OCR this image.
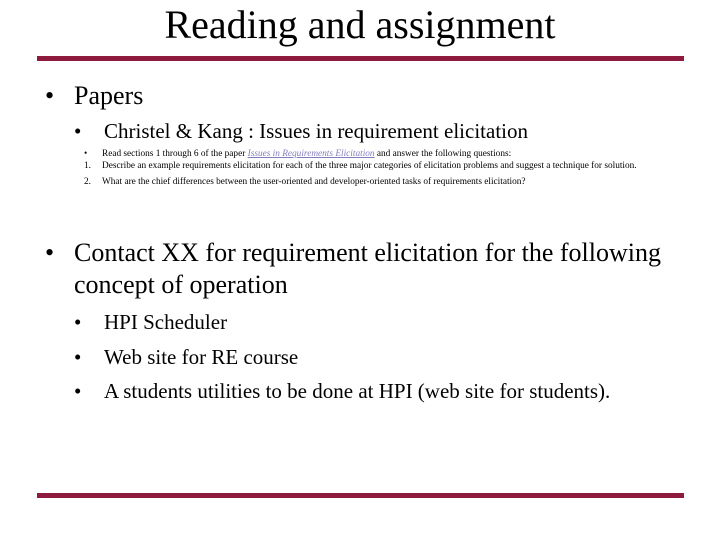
Reading and assignment
• Papers
•	Christel & Kang : Issues in requirement elicitation
•	Read sections 1 through 6 of the paper Issues in Requirements Elicitation and answer the following questions:
1.	Describe an example requirements elicitation for each of the three major categories of elicitation problems and suggest a technique for solution.
2.	What are the chief differences between the user-oriented and developer-oriented tasks of requirements elicitation?
• Contact XX for requirement elicitation for the following concept of operation
•	HPI Scheduler
•	Web site for RE course
•	A students utilities to be done at HPI (web site for students).
